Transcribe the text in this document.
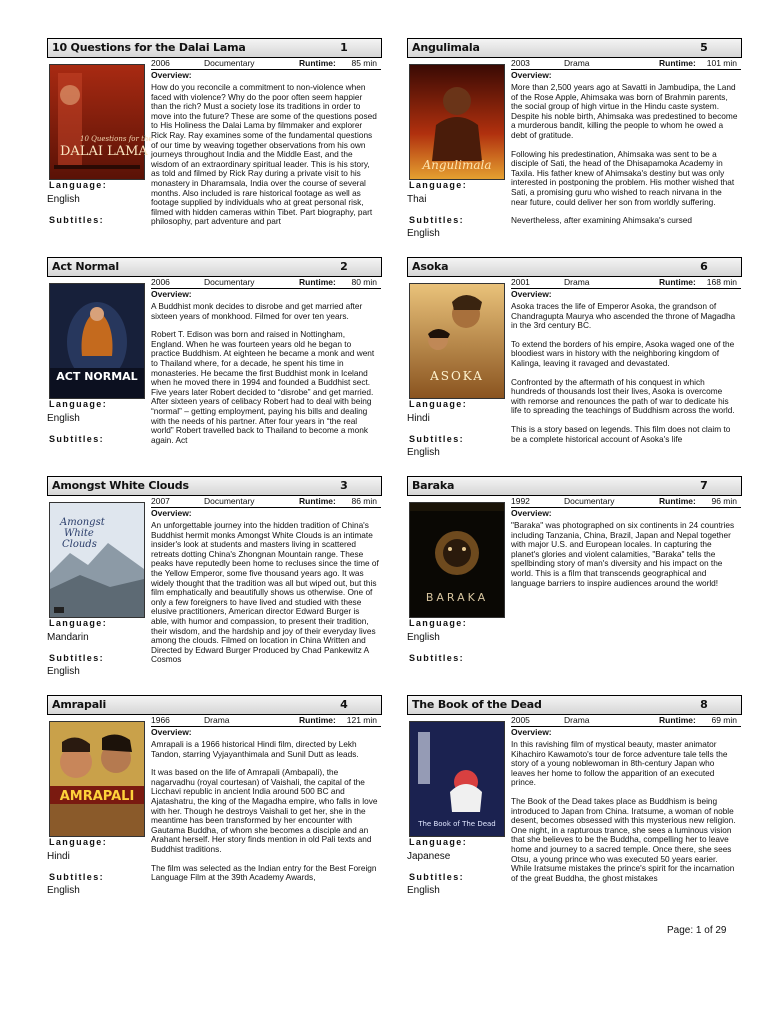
10 Questions for the Dalai Lama	1
10 Questions for the
DALAI LAMA
Language:
English
Subtitles:
2006	Documentary	Runtime: 85 min
Overview:

How do you reconcile a commitment to non-violence when faced with violence? Why do the poor often seem happier than the rich? Must a society lose its traditions in order to move into the future? These are some of the questions posed to His Holiness the Dalai Lama by filmmaker and explorer Rick Ray. Ray examines some of the fundamental questions of our time by weaving together observations from his own journeys throughout India and the Middle East, and the wisdom of an extraordinary spiritual leader. This is his story, as told and filmed by Rick Ray during a private visit to his monastery in Dharamsala, India over the course of several months. Also included is rare historical footage as well as footage supplied by individuals who at great personal risk, filmed with hidden cameras within Tibet. Part biography, part philosophy, part adventure and part

Act Normal	2
ACT NORMAL
Language:
English
Subtitles:
2006	Documentary	Runtime: 80 min
Overview:

A Buddhist monk decides to disrobe and get married after sixteen years of monkhood. Filmed for over ten years.

Robert T. Edison was born and raised in Nottingham, England. When he was fourteen years old he began to practice Buddhism. At eighteen he became a monk and went to Thailand where, for a decade, he spent his time in monasteries. He became the first Buddhist monk in Iceland when he moved there in 1994 and founded a Buddhist sect. Five years later Robert decided to “disrobe” and get married. After sixteen years of celibacy Robert had to deal with being “normal” – getting employment, paying his bills and dealing with the needs of his partner. After four years in “the real world” Robert travelled back to Thailand to become a monk again. Act

Amongst White Clouds	3
Amongst
White
Clouds
Language:
Mandarin
Subtitles:
English
2007	Documentary	Runtime: 86 min
Overview:

An unforgettable journey into the hidden tradition of China's Buddhist hermit monks Amongst White Clouds is an intimate insider's look at students and masters living in scattered retreats dotting China's Zhongnan Mountain range. These peaks have reputedly been home to recluses since the time of the Yellow Emperor, some five thousand years ago. It was widely thought that the tradition was all but wiped out, but this film emphatically and beautifully shows us otherwise. One of only a few foreigners to have lived and studied with these elusive practitioners, American director Edward Burger is able, with humor and compassion, to present their tradition, their wisdom, and the hardship and joy of their everyday lives among the clouds. Filmed on location in China Written and Directed by Edward Burger Produced by Chad Pankewitz A Cosmos

Amrapali	4
AMRAPALI
Language:
Hindi
Subtitles:
English
1966	Drama	Runtime: 121 min
Overview:

Amrapali is a 1966 historical Hindi film, directed by Lekh Tandon, starring Vyjayanthimala and Sunil Dutt as leads.

It was based on the life of Amrapali (Ambapali), the nagarvadhu (royal courtesan) of Vaishali, the capital of the Licchavi republic in ancient India around 500 BC and Ajatashatru, the king of the Magadha empire, who falls in love with her. Though he destroys Vaishali to get her, she in the meantime has been transformed by her encounter with Gautama Buddha, of whom she becomes a disciple and an Arahant herself. Her story finds mention in old Pali texts and Buddhist traditions.

The film was selected as the Indian entry for the Best Foreign Language Film at the 39th Academy Awards,

Angulimala	5
Angulimala
Language:
Thai
Subtitles:
English
2003	Drama	Runtime: 101 min
Overview:

More than 2,500 years ago at Savatti in Jambudipa, the Land of the Rose Apple, Ahimsaka was born of Brahmin parents, the social group of high virtue in the Hindu caste system. Despite his noble birth, Ahimsaka was predestined to become a murderous bandit, killing the people to whom he owed a debt of gratitude.

Following his predestination, Ahimsaka was sent to be a disciple of Sati, the head of the Dhisapamoka Academy in Taxila. His father knew of Ahimsaka's destiny but was only interested in postponing the problem. His mother wished that Sati, a promising guru who wished to reach nirvana in the near future, could deliver her son from worldly suffering.

Nevertheless, after examining Ahimsaka's cursed

Asoka	6
ASOKA
Language:
Hindi
Subtitles:
English
2001	Drama	Runtime: 168 min
Overview:

Asoka traces the life of Emperor Asoka, the grandson of Chandragupta Maurya who ascended the throne of Magadha in the 3rd century BC.

To extend the borders of his empire, Asoka waged one of the bloodiest wars in history with the neighboring kingdom of Kalinga, leaving it ravaged and devastated.

Confronted by the aftermath of his conquest in which hundreds of thousands lost their lives, Asoka is overcome with remorse and renounces the path of war to dedicate his life to spreading the teachings of Buddhism across the world.

This is a story based on legends. This film does not claim to be a complete historical account of Asoka's life

Baraka	7
BARAKA
Language:
English
Subtitles:
1992	Documentary	Runtime: 96 min
Overview:

"Baraka" was photographed on six continents in 24 countries including Tanzania, China, Brazil, Japan and Nepal together with major U.S. and European locales. In capturing the planet's glories and violent calamities, "Baraka" tells the spellbinding story of man's diversity and his impact on the world. This is a film that transcends geographical and language barriers to inspire audiences around the world!

The Book of the Dead	8
The Book of The Dead
Language:
Japanese
Subtitles:
English
2005	Drama	Runtime: 69 min
Overview:

In this ravishing film of mystical beauty, master animator Kihachiro Kawamoto's tour de force adventure tale tells the story of a young noblewoman in 8th-century Japan who leaves her home to follow the apparition of an executed prince.

The Book of the Dead takes place as Buddhism is being introduced to Japan from China. Iratsume, a woman of noble desent, becomes obsessed with this mysterious new religion. One night, in a rapturous trance, she sees a luminous vision that she believes to be the Buddha, compelling her to leave home and journey to a sacred temple. Once there, she sees Otsu, a young prince who was executed 50 years earier. While Iratsume mistakes the prince's spirit for the incarnation of the great Buddha, the ghost mistakes

Page: 1 of 29
